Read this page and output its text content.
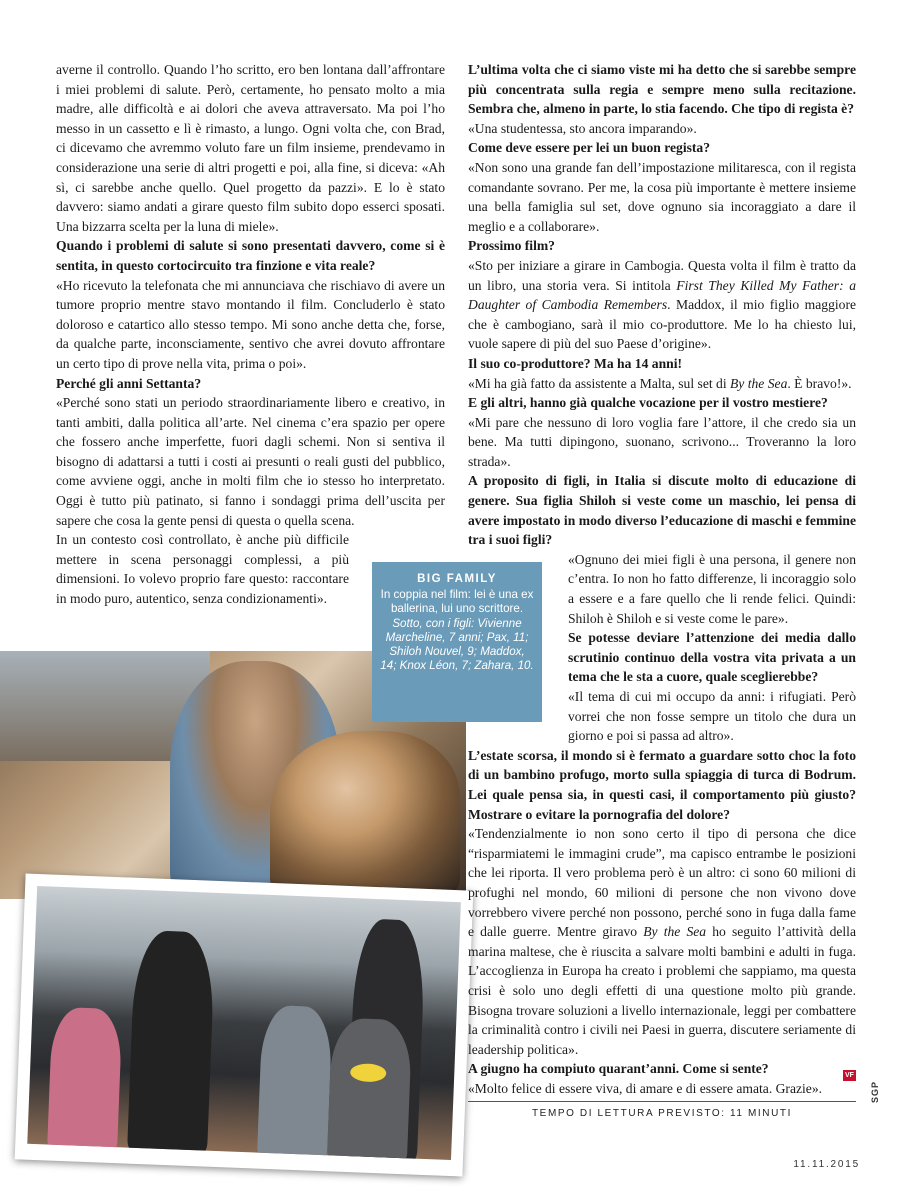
averne il controllo. Quando l’ho scritto, ero ben lontana dall’affrontare i miei problemi di salute. Però, certamente, ho pensato molto a mia madre, alle difficoltà e ai dolori che aveva attraversato. Ma poi l’ho messo in un cassetto e lì è rimasto, a lungo. Ogni volta che, con Brad, ci dicevamo che avremmo voluto fare un film insieme, prendevamo in considerazione una serie di altri progetti e poi, alla fine, si diceva: «Ah sì, ci sarebbe anche quello. Quel progetto da pazzi». E lo è stato davvero: siamo andati a girare questo film subito dopo esserci sposati. Una bizzarra scelta per la luna di miele».

Quando i problemi di salute si sono presentati davvero, come si è sentita, in questo cortocircuito tra finzione e vita reale?

«Ho ricevuto la telefonata che mi annunciava che rischiavo di avere un tumore proprio mentre stavo montando il film. Concluderlo è stato doloroso e catartico allo stesso tempo. Mi sono anche detta che, forse, da qualche parte, inconsciamente, sentivo che avrei dovuto affrontare un certo tipo di prove nella vita, prima o poi».

Perché gli anni Settanta?

«Perché sono stati un periodo straordinariamente libero e creativo, in tanti ambiti, dalla politica all’arte. Nel cinema c’era spazio per opere che fossero anche imperfette, fuori dagli schemi. Non si sentiva il bisogno di adattarsi a tutti i costi ai presunti o reali gusti del pubblico, come avviene oggi, anche in molti film che io stesso ho interpretato. Oggi è tutto più patinato, si fanno i sondaggi prima dell’uscita per sapere che cosa la gente pensi di questa o quella scena.

In un contesto così controllato, è anche più difficile mettere in scena personaggi complessi, a più dimensioni. Io volevo proprio fare questo: raccontare in modo puro, autentico, senza condizionamenti».

BIG FAMILY
In coppia nel film: lei è una ex ballerina, lui uno scrittore. Sotto, con i figli: Vivienne Marcheline, 7 anni; Pax, 11; Shiloh Nouvel, 9; Maddox, 14; Knox Léon, 7; Zahara, 10.

L’ultima volta che ci siamo viste mi ha detto che si sarebbe sempre più concentrata sulla regia e sempre meno sulla recitazione. Sembra che, almeno in parte, lo stia facendo. Che tipo di regista è?

«Una studentessa, sto ancora imparando».

Come deve essere per lei un buon regista?

«Non sono una grande fan dell’impostazione militaresca, con il regista comandante sovrano. Per me, la cosa più importante è mettere insieme una bella famiglia sul set, dove ognuno sia incoraggiato a dare il meglio e a collaborare».

Prossimo film?

«Sto per iniziare a girare in Cambogia. Questa volta il film è tratto da un libro, una storia vera. Si intitola First They Killed My Father: a Daughter of Cambodia Remembers. Maddox, il mio figlio maggiore che è cambogiano, sarà il mio co-produttore. Me lo ha chiesto lui, vuole sapere di più del suo Paese d’origine».

Il suo co-produttore? Ma ha 14 anni!

«Mi ha già fatto da assistente a Malta, sul set di By the Sea. È bravo!».

E gli altri, hanno già qualche vocazione per il vostro mestiere?

«Mi pare che nessuno di loro voglia fare l’attore, il che credo sia un bene. Ma tutti dipingono, suonano, scrivono... Troveranno la loro strada».

A proposito di figli, in Italia si discute molto di educazione di genere. Sua figlia Shiloh si veste come un maschio, lei pensa di avere impostato in modo diverso l’educazione di maschi e femmine tra i suoi figli?

«Ognuno dei miei figli è una persona, il genere non c’entra. Io non ho fatto differenze, li incoraggio solo a essere e a fare quello che li rende felici. Quindi: Shiloh è Shiloh e si veste come le pare».

Se potesse deviare l’attenzione dei media dallo scrutinio continuo della vostra vita privata a un tema che le sta a cuore, quale sceglierebbe?

«Il tema di cui mi occupo da anni: i rifugiati. Però vorrei che non fosse sempre un titolo che dura un giorno e poi si passa ad altro».

L’estate scorsa, il mondo si è fermato a guardare sotto choc la foto di un bambino profugo, morto sulla spiaggia di turca di Bodrum. Lei quale pensa sia, in questi casi, il comportamento più giusto? Mostrare o evitare la pornografia del dolore?

«Tendenzialmente io non sono certo il tipo di persona che dice “risparmiatemi le immagini crude”, ma capisco entrambe le posizioni che lei riporta. Il vero problema però è un altro: ci sono 60 milioni di profughi nel mondo, 60 milioni di persone che non vivono dove vorrebbero vivere perché non possono, perché sono in fuga dalla fame e dalle guerre. Mentre giravo By the Sea ho seguito l’attività della marina maltese, che è riuscita a salvare molti bambini e adulti in fuga. L’accoglienza in Europa ha creato i problemi che sappiamo, ma questa crisi è solo uno degli effetti di una questione molto più grande. Bisogna trovare soluzioni a livello internazionale, leggi per combattere la criminalità contro i civili nei Paesi in guerra, discutere seriamente di leadership politica».

A giugno ha compiuto quarant’anni. Come si sente?

«Molto felice di essere viva, di amare e di essere amata. Grazie».

VF
TEMPO DI LETTURA PREVISTO: 11 MINUTI
11.11.2015
SGP
